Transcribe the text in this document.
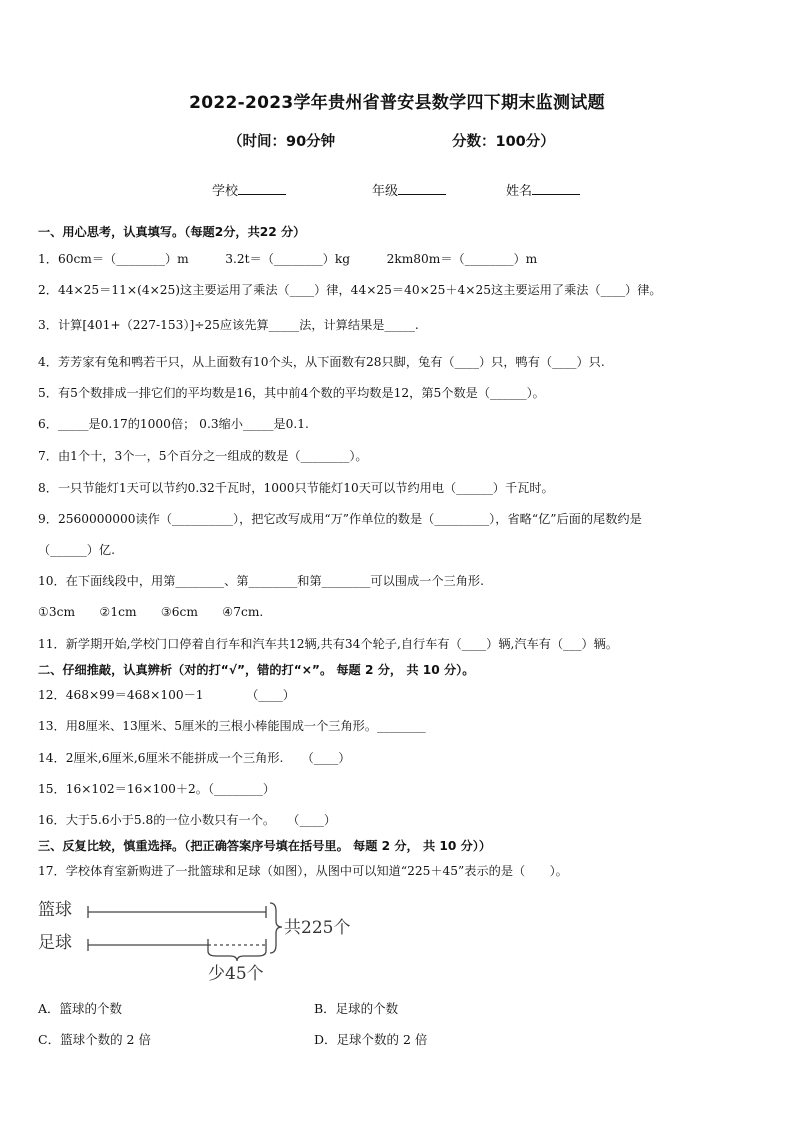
2022-2023学年贵州省普安县数学四下期末监测试题
（时间：90分钟	分数：100分）
学校	年级	姓名
一、用心思考，认真填写。（每题2分，共22 分）
1．60cm＝（________）m　　　3.2t＝（________）kg　　　2km80m＝（________）m
2．44×25＝11×(4×25)这主要运用了乘法（____）律，44×25＝40×25＋4×25这主要运用了乘法（____）律。
3．计算[401+（227-153）]÷25应该先算_____法，计算结果是_____.
4．芳芳家有兔和鸭若干只，从上面数有10个头，从下面数有28只脚，兔有（____）只，鸭有（____）只.
5．有5个数排成一排它们的平均数是16，其中前4个数的平均数是12，第5个数是（______）。
6．_____是0.17的1000倍； 0.3缩小_____是0.1.
7．由1个十，3个一，5个百分之一组成的数是（________）。
8．一只节能灯1天可以节约0.32千瓦时，1000只节能灯10天可以节约用电（______）千瓦时。
9．2560000000读作（__________），把它改写成用“万”作单位的数是（_________），省略“亿”后面的尾数约是
（______）亿.
10．在下面线段中，用第________、第________和第________可以围成一个三角形.
①3cm　　②1cm　　③6cm　　④7cm.
11．新学期开始,学校门口停着自行车和汽车共12辆,共有34个轮子,自行车有（____）辆,汽车有（___）辆。
二、仔细推敲，认真辨析（对的打“√”，错的打“×”。 每题 2 分， 共 10 分）。
12．468×99＝468×100－1　　　　（____）
13．用8厘米、13厘米、5厘米的三根小棒能围成一个三角形。________
14．2厘米,6厘米,6厘米不能拼成一个三角形.　　（____）
15．16×102＝16×100＋2。（________）
16．大于5.6小于5.8的一位小数只有一个。　　（____）
三、反复比较，慎重选择。（把正确答案序号填在括号里。 每题 2 分， 共 10 分））
17．学校体育室新购进了一批篮球和足球（如图），从图中可以知道“225＋45”表示的是（　　）。
篮球
足球
共225个
少45个
A．篮球的个数	B．足球的个数
C．篮球个数的 2 倍	D．足球个数的 2 倍
